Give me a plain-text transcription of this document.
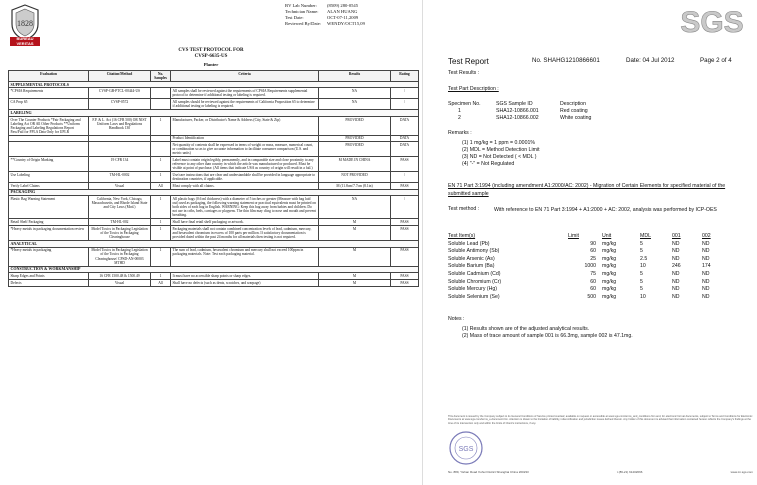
1828
BUREAU VERITAS
BV Lab Number:	(8509) 280-0545
Technician Name:	ALAN HUANG
Test Date:	OCT-07-11,2009
Reviewed By/Date:	WENDY/OCT15,09
CVS TEST PROTOCOL FOR
CVSP-6635-US
Planter
Evaluation	Citation/Method	No. Samples	Criteria	Results	Rating
SUPPLEMENTAL PROTOCOLS					
*CPSIA Requirements	CVSP-GB-PTCL-00444-US		All samples shall be reviewed against the requirements of CPSIA Requirements supplemental protocol to determine if additional testing or labeling is required.	NA	/
CA Prop 65	CVSP-0572		All samples should be reviewed against the requirements of California Proposition 65 to determine if additional testing or labeling is required.	NA	/
LABELING					
Over The Counter Products *Fair Packaging and Labeling Act OR All Other Products **Uniform Packaging and Labeling Regulations Report Pass/Fail for FPLA Data Only for UPLR	F.P. & L. Act (16 CFR 500) OR NIST Uniform Laws and Regulations Handbook 130	1	Manufacturer, Packer, or Distributor's Name & Address (City, State & Zip)	PROVIDED	DATA
			Product Identification	PROVIDED	DATA
			Net quantity of contents shall be expressed in terms of weight or mass, measure, numerical count, or combination so as to give accurate information to facilitate consumer comparison (U.S. and metric units)	PROVIDED	DATA
**Country of Origin Marking	19 CFR 134	1	Label must contain origin legibly, permanently, and in comparable size and close proximity to any reference to any other than country in which the article was manufactured or produced. Must be visible at point of purchase. (All items that indicate USA as country of origin will result in a fail.)	M MADE IN CHINA	PASS
Use Labeling	TM-HL-0002	1	Use/care instructions that are clear and understandable shall be provided in language appropriate to destination countries, if applicable.	NOT PROVIDED	/
Verify Label Claims	Visual	All	Must comply with all claims.	M (11.8cm/7.7cm (8.1in)	PASS
PACKAGING					
Plastic Bag Warning Statement	California, New York, Chicago, Massachusetts, and Rhode Island State and City Laws (Mod.)	1	All plastic bags (0.6 ml thickness) with a diameter of 5 inches or greater (Measure with bag laid out) used as packaging, the following warning statement or practical equivalents must be printed on both sides of each bag in English. WARNING: Keep this bag away from babies and children. Do not use in cribs, beds, carriages or playpens. The thin film may cling to nose and mouth and prevent breathing.	NA	/
Retail Shelf Packaging	TM-HL-002	1	Shall have final retail shelf packaging or artwork.	M	PASS
*Heavy metals in packaging documentation review	Model Toxics in Packaging Legislation of the Toxics in Packaging Clearinghouse	1	Packaging materials shall not contain combined concentration levels of lead, cadmium, mercury, and hexavalent chromium in excess of 100 parts per million. If satisfactory documentation is provided dated within the past 24 months for all materials then testing is not required.	M	PASS
ANALYTICAL					
*Heavy metals in packaging	Model Toxics in Packaging Legislation of the Toxics in Packaging Clearinghouse/ CPSD-AN-00003 MTHD	1	The sum of lead, cadmium, hexavalent chromium and mercury shall not exceed 100ppm in packaging materials. Note: Test each packaging material.	M	PASS
CONSTRUCTION & WORKMANSHIP					
Sharp Edges and Points	16 CFR 1500.48 & 1500.49	1	It must have no accessible sharp points or sharp edges.	M	PASS
Defects	Visual	All	Shall have no defects (such as dents, scratches, and warpage)	M	PASS
SGS
Test Report	No. SHAHG1210866601	Date: 04 Jul 2012	Page 2 of 4
Test Results :
Test Part Description :
Specimen No.	SGS Sample ID	Description
1	SHA12-10866.001	Red coating
2	SHA12-10866.002	White coating
Remarks :
(1) 1 mg/kg = 1 ppm = 0.0001%
(2) MDL = Method Detection Limit
(3) ND = Not Detected ( < MDL )
(4) "-" = Not Regulated
EN 71 Part 3:1994 (including amendment A1:2000/AC: 2002) - Migration of Certain Elements for specified material of the submitted sample
Test method :	With reference to EN 71 Part 3:1994 + A1:2000 + AC: 2002, analysis was performed by ICP-OES
Test Item(s)	Limit	Unit	MDL	001	002
Soluble Lead (Pb)	90	mg/kg	5	ND	ND
Soluble Antimony (Sb)	60	mg/kg	5	ND	ND
Soluble Arsenic (As)	25	mg/kg	2.5	ND	ND
Soluble Barium (Ba)	1000	mg/kg	10	246	174
Soluble Cadmium (Cd)	75	mg/kg	5	ND	ND
Soluble Chromium (Cr)	60	mg/kg	5	ND	ND
Soluble Mercury (Hg)	60	mg/kg	5	ND	ND
Soluble Selenium (Se)	500	mg/kg	10	ND	ND
Notes :
(1) Results shown are of the adjusted analytical results.
(2) Mass of trace amount of sample 001 is 66.3mg, sample 002 is 47.1mg.
This document is issued by the Company subject to its General Conditions of Service printed overleaf, available on request or accessible at www.sgs.com/terms_and_conditions.htm and, for electronic format documents, subject to Terms and Conditions for Electronic Documents at www.sgs.com/terms_e-document.htm. Attention is drawn to the limitation of liability, indemnification and jurisdiction issues defined therein. Any holder of this document is advised that information contained hereon reflects the Company's findings at the time of its intervention only and within the limits of Client's instructions, if any.
SGS
No. 889, Yishan Road Xuhui District Shanghai China 200233	t (86-21) 61402666	www.cn.sgs.com
